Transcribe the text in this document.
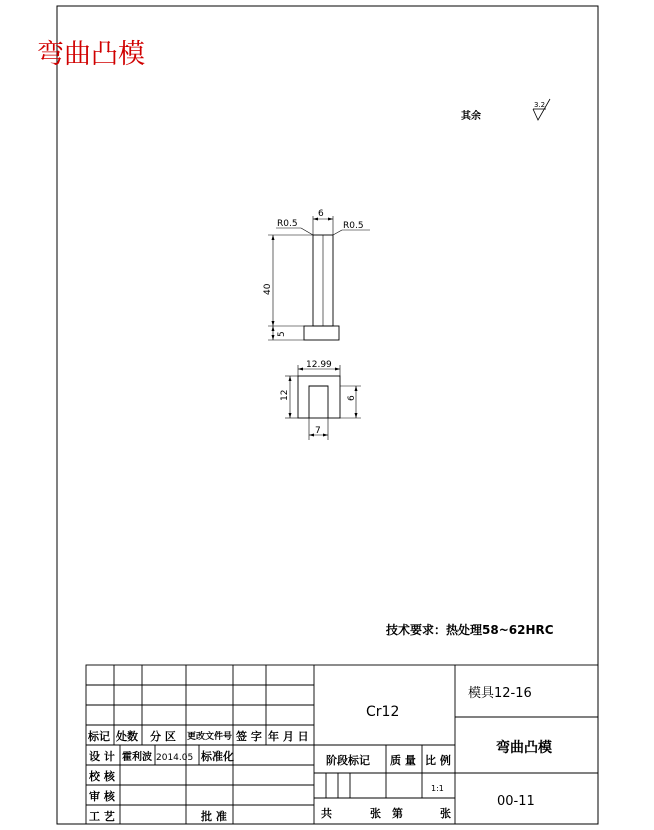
弯曲凸模
其余
3.2
6
R0.5	R0.5
40
5
12.99
12	6
7
技术要求：热处理58~62HRC
标记 处数 分 区 更改文件号 签 字 年 月 日
设 计 霍利波 2014.05 标准化
校 核
审 核
工 艺	批 准
Cr12
阶段标记 质 量 比 例
1:1
共	张 第	张
模具12-16
弯曲凸模
00-11
